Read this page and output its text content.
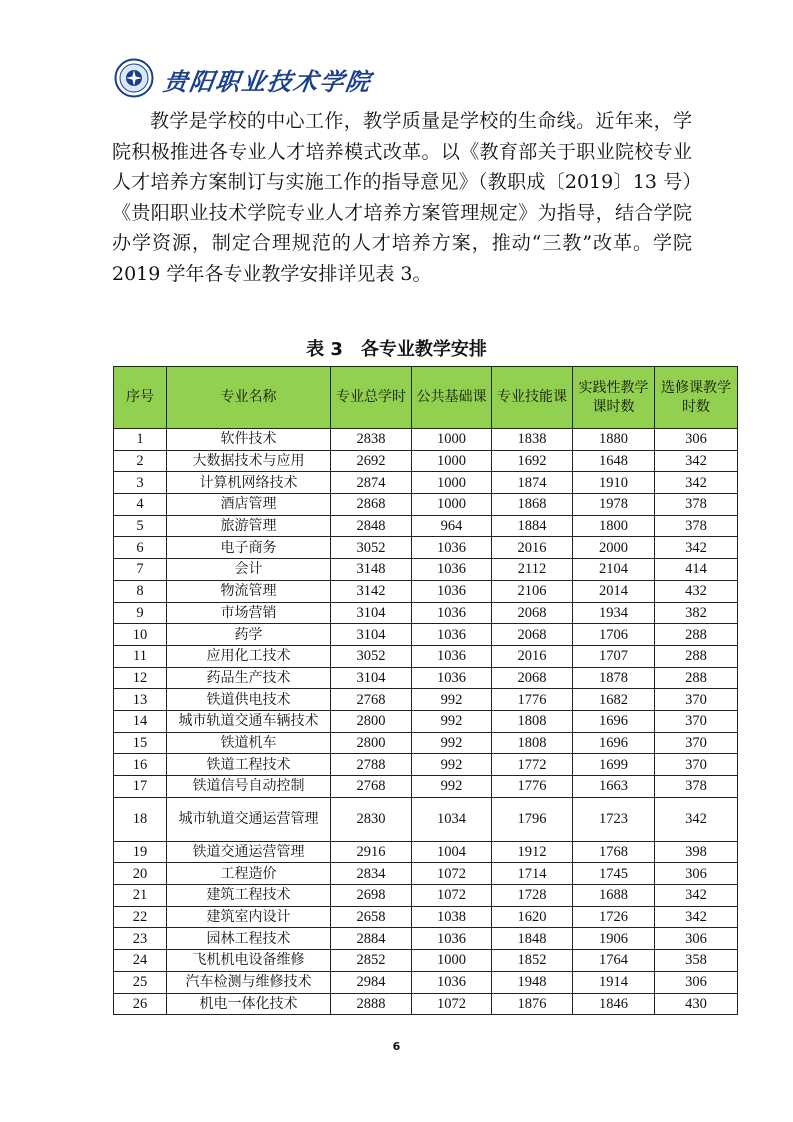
贵阳职业技术学院

教学是学校的中心工作，教学质量是学校的生命线。近年来，学院积极推进各专业人才培养模式改革。以《教育部关于职业院校专业人才培养方案制订与实施工作的指导意见》（教职成〔2019〕13 号）《贵阳职业技术学院专业人才培养方案管理规定》为指导，结合学院办学资源，制定合理规范的人才培养方案，推动“三教”改革。学院 2019 学年各专业教学安排详见表 3。

表 3　 各专业教学安排
序号	专业名称	专业总学时	公共基础课	专业技能课	实践性教学课时数	选修课教学时数
1	软件技术	2838	1000	1838	1880	306
2	大数据技术与应用	2692	1000	1692	1648	342
3	计算机网络技术	2874	1000	1874	1910	342
4	酒店管理	2868	1000	1868	1978	378
5	旅游管理	2848	964	1884	1800	378
6	电子商务	3052	1036	2016	2000	342
7	会计	3148	1036	2112	2104	414
8	物流管理	3142	1036	2106	2014	432
9	市场营销	3104	1036	2068	1934	382
10	药学	3104	1036	2068	1706	288
11	应用化工技术	3052	1036	2016	1707	288
12	药品生产技术	3104	1036	2068	1878	288
13	铁道供电技术	2768	992	1776	1682	370
14	城市轨道交通车辆技术	2800	992	1808	1696	370
15	铁道机车	2800	992	1808	1696	370
16	铁道工程技术	2788	992	1772	1699	370
17	铁道信号自动控制	2768	992	1776	1663	378
18	城市轨道交通运营管理	2830	1034	1796	1723	342
19	铁道交通运营管理	2916	1004	1912	1768	398
20	工程造价	2834	1072	1714	1745	306
21	建筑工程技术	2698	1072	1728	1688	342
22	建筑室内设计	2658	1038	1620	1726	342
23	园林工程技术	2884	1036	1848	1906	306
24	飞机机电设备维修	2852	1000	1852	1764	358
25	汽车检测与维修技术	2984	1036	1948	1914	306
26	机电一体化技术	2888	1072	1876	1846	430
6
